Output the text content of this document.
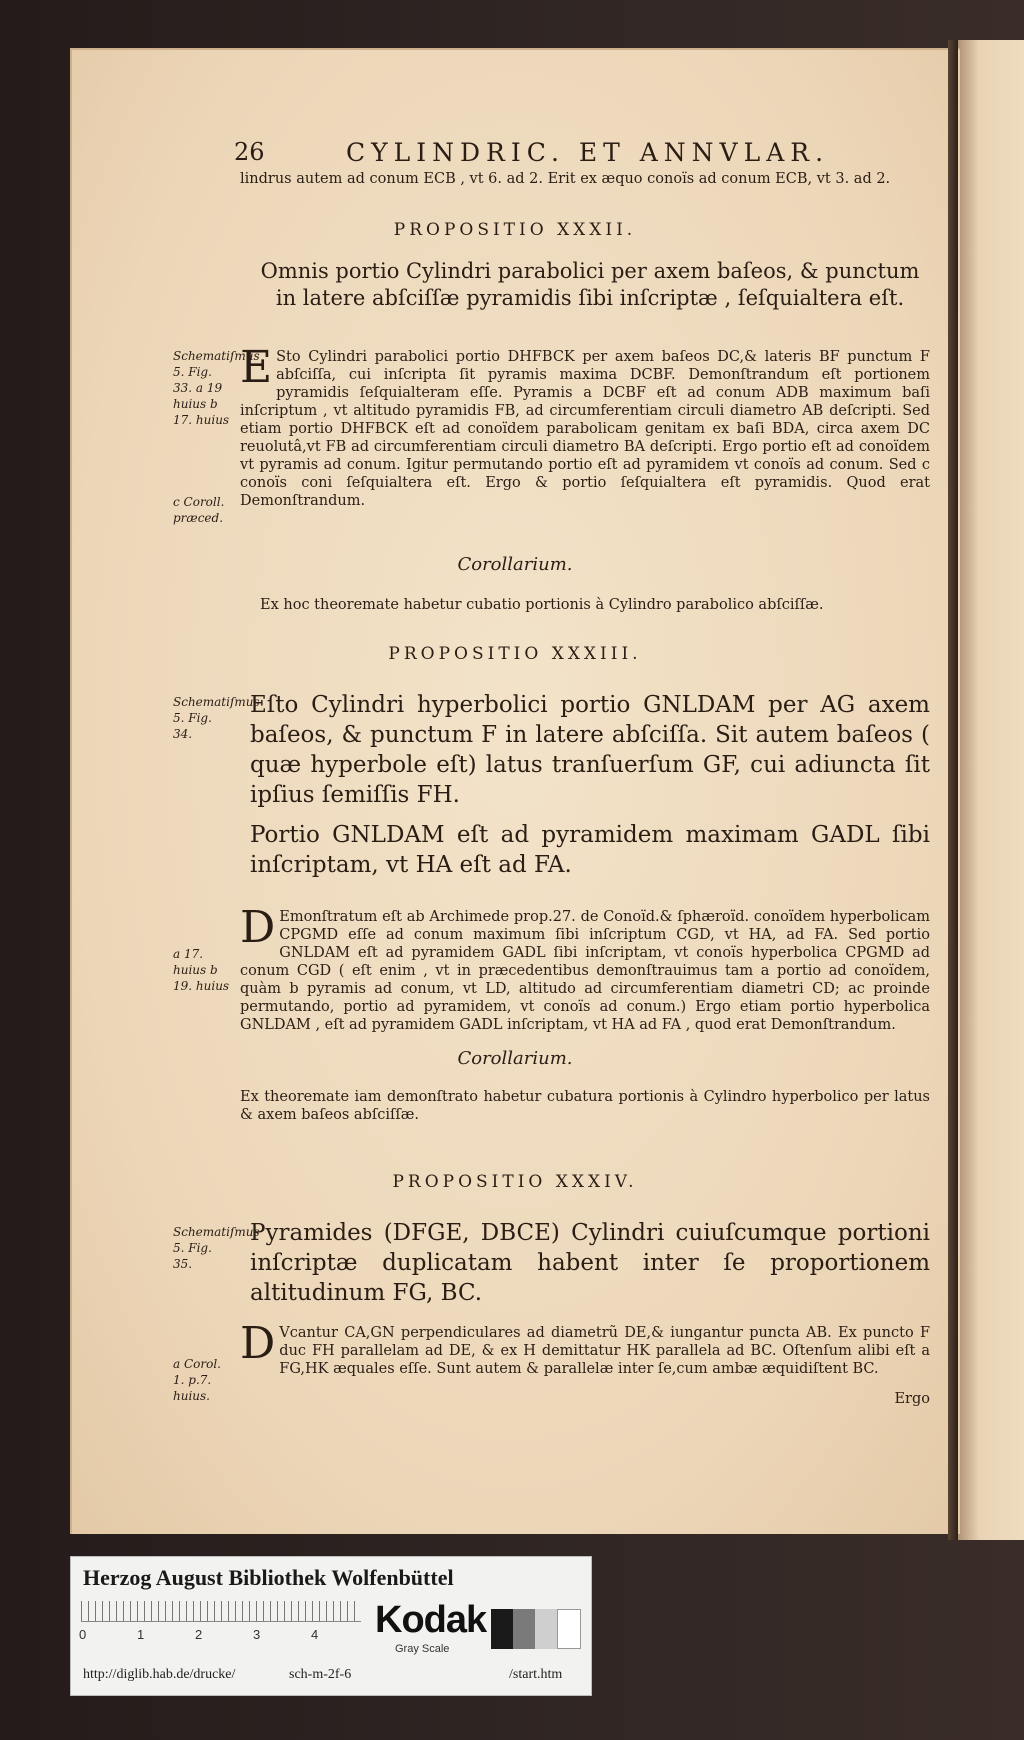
26	CYLINDRIC. ET ANNVLAR.
lindrus autem ad conum ECB , vt 6. ad 2. Erit ex æquo conoïs ad conum ECB, vt 3. ad 2.
PROPOSITIO XXXII.
Omnis portio Cylindri parabolici per axem baſeos, & punctum in latere abſciſſæ pyramidis ſibi inſcriptæ , ſeſquialtera eſt.
Schematiſmus 5. Fig. 33. a 19 huius b 17. huius
E Sto Cylindri parabolici portio DHFBCK per axem baſeos DC,& lateris BF punctum F abſciſſa, cui inſcripta ſit pyramis maxima DCBF. Demonſtrandum eſt portionem pyramidis ſeſquialteram eſſe. Pyramis a DCBF eſt ad conum ADB maximum baſi inſcriptum , vt altitudo pyramidis FB, ad circumferentiam circuli diametro AB deſcripti. Sed etiam portio DHFBCK eſt ad conoïdem parabolicam genitam ex baſi BDA, circa axem DC reuolutâ,vt FB ad circumferentiam circuli diametro BA deſcripti. Ergo portio eſt ad conoïdem vt pyramis ad conum. Igitur permutando portio eſt ad pyramidem vt conoïs ad conum. Sed c conoïs coni ſeſquialtera eſt. Ergo & portio ſeſquialtera eſt pyramidis. Quod erat Demonſtrandum.
c Coroll. præced.
Corollarium.
Ex hoc theoremate habetur cubatio portionis à Cylindro parabolico abſciſſæ.
PROPOSITIO XXXIII.
Schematiſmus 5. Fig. 34.
Eſto Cylindri hyperbolici portio GNLDAM per AG axem baſeos, & punctum F in latere abſciſſa. Sit autem baſeos ( quæ hyperbole eſt) latus tranſuerſum GF, cui adiuncta ſit ipſius ſemiſſis FH.
Portio GNLDAM eſt ad pyramidem maximam GADL ſibi inſcriptam, vt HA eſt ad FA.
a 17. huius b 19. huius
D Emonſtratum eſt ab Archimede prop.27. de Conoïd.& ſphæroïd. conoïdem hyperbolicam CPGMD eſſe ad conum maximum ſibi inſcriptum CGD, vt HA, ad FA. Sed portio GNLDAM eſt ad pyramidem GADL ſibi inſcriptam, vt conoïs hyperbolica CPGMD ad conum CGD ( eſt enim , vt in præcedentibus demonſtrauimus tam a portio ad conoïdem, quàm b pyramis ad conum, vt LD, altitudo ad circumferentiam diametri CD; ac proinde permutando, portio ad pyramidem, vt conoïs ad conum.) Ergo etiam portio hyperbolica GNLDAM , eſt ad pyramidem GADL inſcriptam, vt HA ad FA , quod erat Demonſtrandum.
Corollarium.
Ex theoremate iam demonſtrato habetur cubatura portionis à Cylindro hyperbolico per latus & axem baſeos abſciſſæ.
PROPOSITIO XXXIV.
Schematiſmus 5. Fig. 35.
Pyramides (DFGE, DBCE) Cylindri cuiuſcumque portioni inſcriptæ duplicatam habent inter ſe proportionem altitudinum FG, BC.
a Corol. 1. p.7. huius.
D Vcantur CA,GN perpendiculares ad diametrũ DE,& iungantur puncta AB. Ex puncto F duc FH parallelam ad DE, & ex H demittatur HK parallela ad BC. Oſtenſum alibi eſt a FG,HK æquales eſſe. Sunt autem & parallelæ inter ſe,cum ambæ æquidiſtent BC.
Ergo
Herzog August Bibliothek Wolfenbüttel
0	1	2	3	4 Kodak
Gray Scale
http://diglib.hab.de/drucke/	sch-m-2f-6	/start.htm
